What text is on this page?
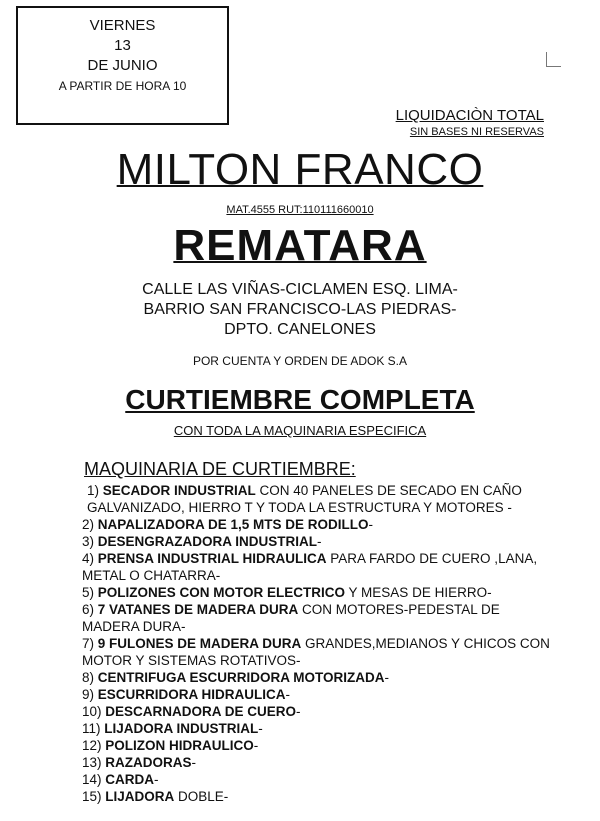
VIERNES
13
DE JUNIO
A PARTIR DE HORA 10
LIQUIDACIÒN TOTAL
SIN BASES NI RESERVAS
MILTON FRANCO
MAT.4555 RUT:110111660010
REMATARA
CALLE LAS VIÑAS-CICLAMEN ESQ. LIMA-
BARRIO SAN FRANCISCO-LAS PIEDRAS-
DPTO. CANELONES
POR CUENTA Y ORDEN DE ADOK S.A
CURTIEMBRE COMPLETA
CON TODA LA MAQUINARIA ESPECIFICA
MAQUINARIA DE CURTIEMBRE:
1) SECADOR INDUSTRIAL CON 40 PANELES DE SECADO EN CAÑO GALVANIZADO, HIERRO T Y TODA LA ESTRUCTURA Y MOTORES -
2) NAPALIZADORA DE 1,5 MTS DE RODILLO-
3) DESENGRAZADORA INDUSTRIAL-
4) PRENSA INDUSTRIAL HIDRAULICA PARA FARDO DE CUERO ,LANA, METAL O CHATARRA-
5) POLIZONES CON MOTOR ELECTRICO Y MESAS DE HIERRO-
6) 7 VATANES DE MADERA DURA CON MOTORES-PEDESTAL DE MADERA DURA-
7) 9 FULONES DE MADERA DURA GRANDES,MEDIANOS Y CHICOS CON MOTOR Y SISTEMAS ROTATIVOS-
8) CENTRIFUGA ESCURRIDORA MOTORIZADA-
9) ESCURRIDORA HIDRAULICA-
10) DESCARNADORA DE CUERO-
11) LIJADORA INDUSTRIAL-
12) POLIZON HIDRAULICO-
13) RAZADORAS-
14) CARDA-
15) LIJADORA DOBLE-
